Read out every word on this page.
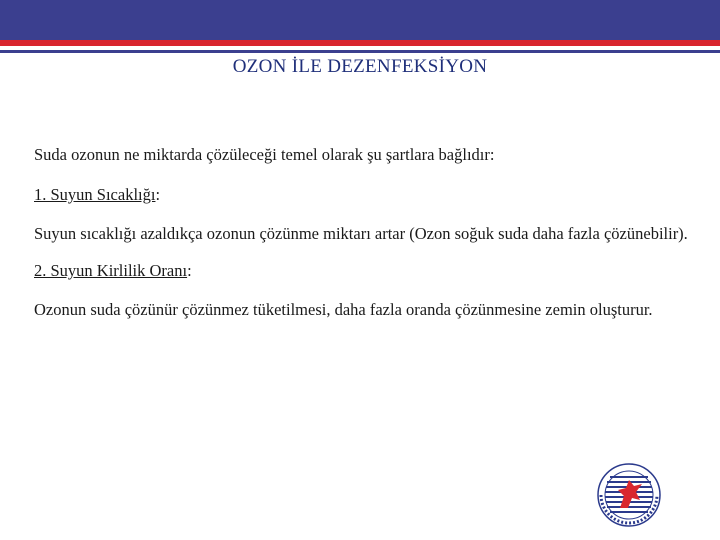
OZON İLE DEZENFEKSİYON

Suda ozonun ne miktarda çözüleceği temel olarak şu şartlara bağlıdır:

1. Suyun Sıcaklığı:

Suyun sıcaklığı azaldıkça ozonun çözünme miktarı artar (Ozon soğuk suda daha fazla çözünebilir).

2. Suyun Kirlilik Oranı:

Ozonun suda çözünür çözünmez tüketilmesi, daha fazla oranda çözünmesine zemin oluşturur.
